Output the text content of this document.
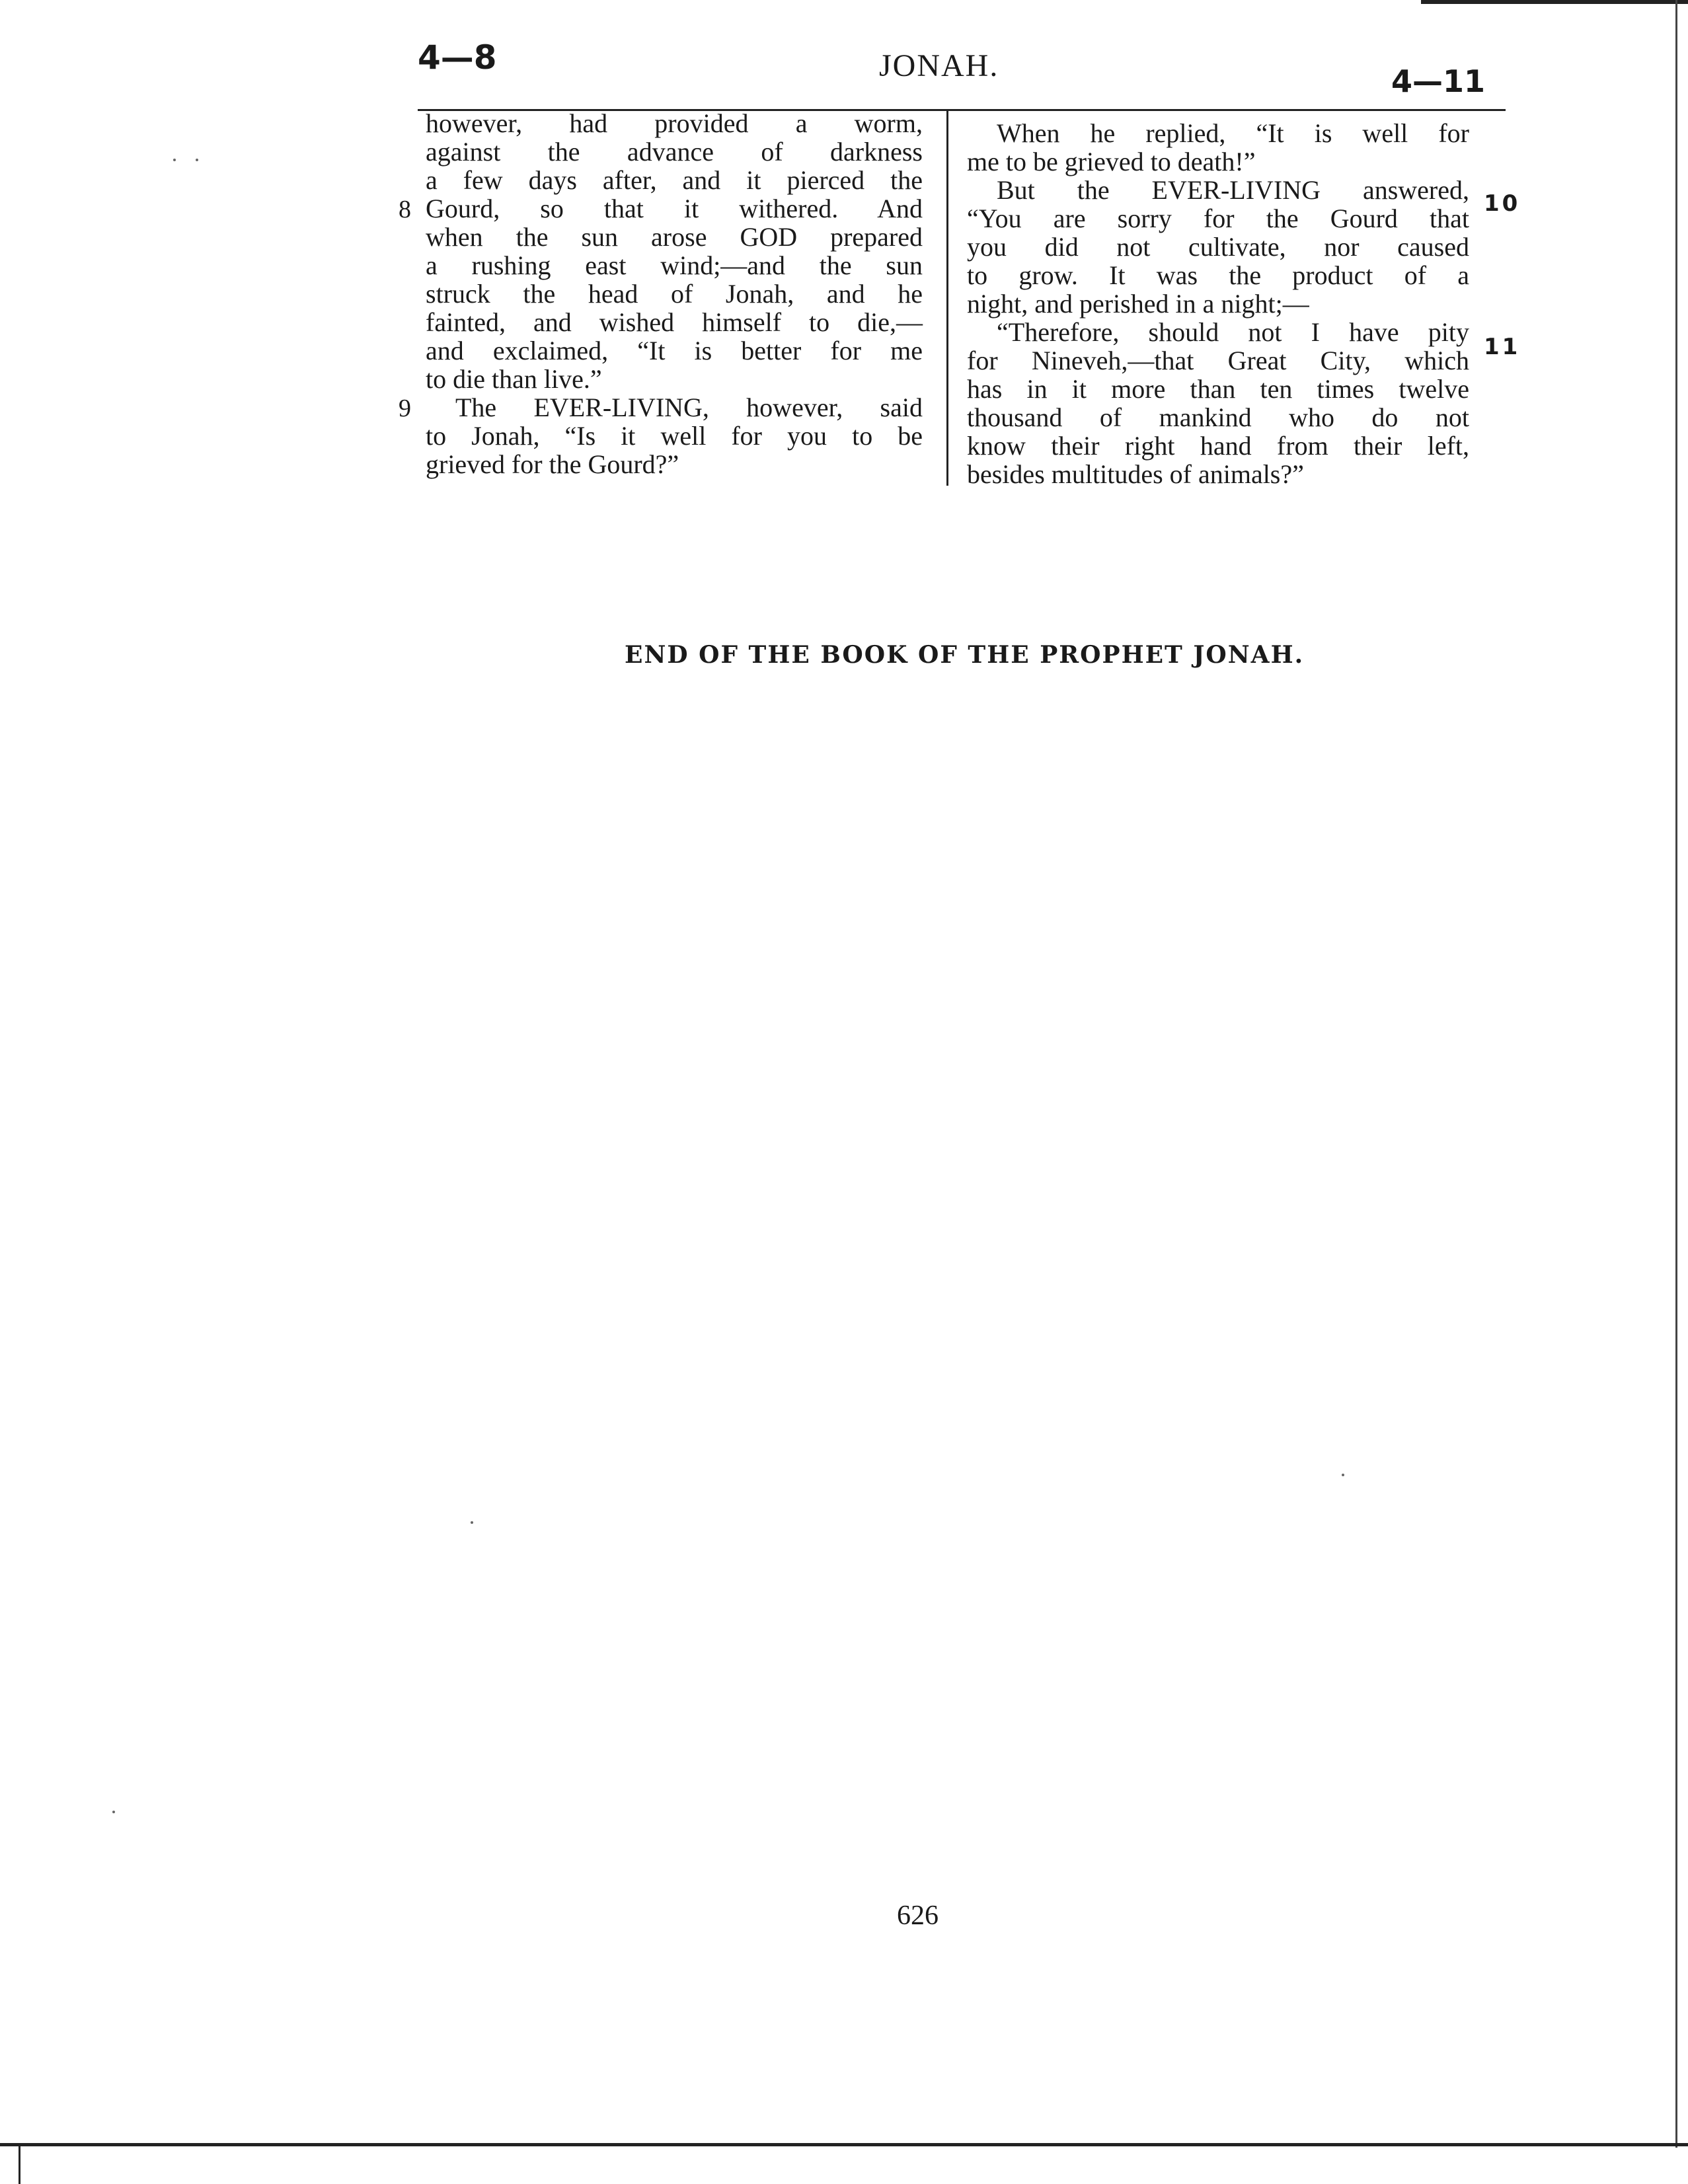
4—8	JONAH.	4—11
however, had provided a worm,
against the advance of darkness
a few days after, and it pierced the
Gourd, so that it withered. And
when the sun arose GOD prepared
a rushing east wind;—and the sun
struck the head of Jonah, and he
fainted, and wished himself to die,—
and exclaimed, “It is better for me
to die than live.”
The EVER-LIVING, however, said
to Jonah, “Is it well for you to be
grieved for the Gourd?”
8
9
When he replied, “It is well for
me to be grieved to death!”
But the EVER-LIVING answered,
“You are sorry for the Gourd that
you did not cultivate, nor caused
to grow. It was the product of a
night, and perished in a night;—
“Therefore, should not I have pity
for Nineveh,—that Great City, which
has in it more than ten times twelve
thousand of mankind who do not
know their right hand from their left,
besides multitudes of animals?”
10
11
END OF THE BOOK OF THE PROPHET JONAH.
626
